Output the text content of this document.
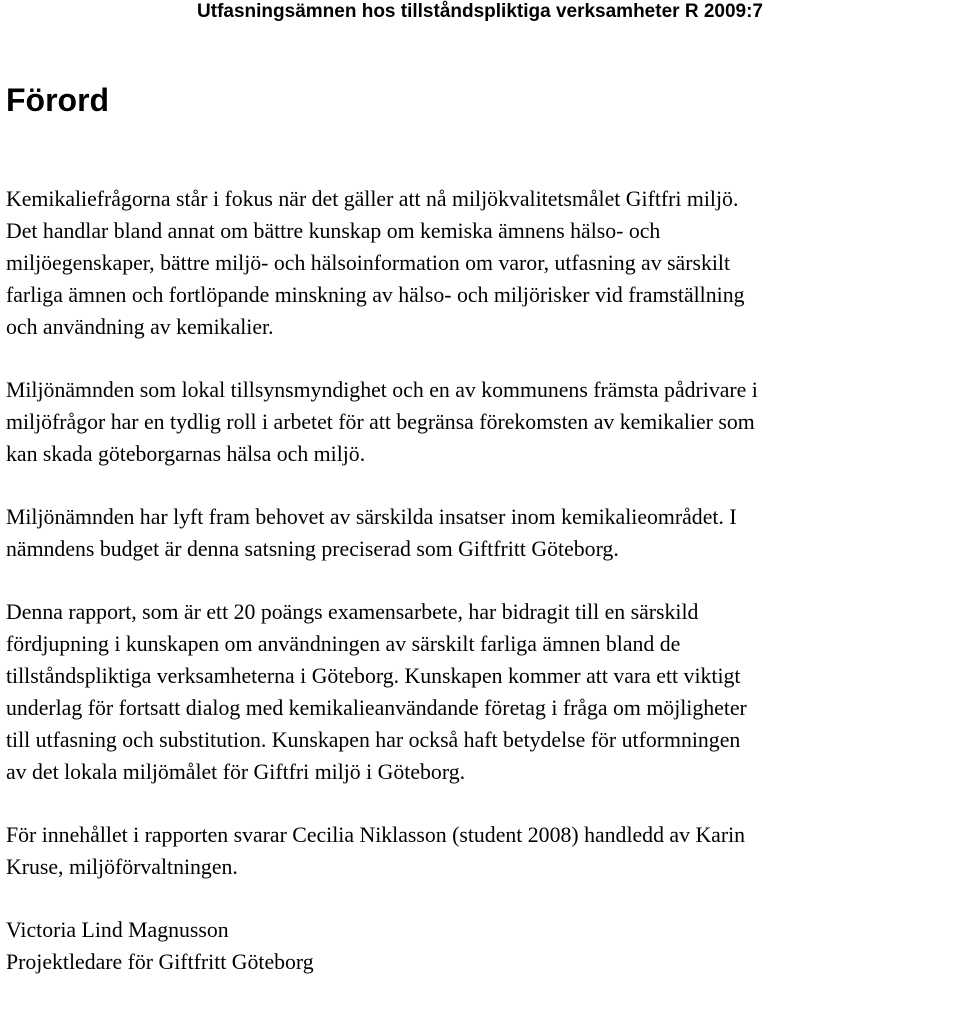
Utfasningsämnen hos tillståndspliktiga verksamheter R 2009:7
Förord

Kemikaliefrågorna står i fokus när det gäller att nå miljökvalitetsmålet Giftfri miljö.
Det handlar bland annat om bättre kunskap om kemiska ämnens hälso- och
miljöegenskaper, bättre miljö- och hälsoinformation om varor, utfasning av särskilt
farliga ämnen och fortlöpande minskning av hälso- och miljörisker vid framställning
och användning av kemikalier.

Miljönämnden som lokal tillsynsmyndighet och en av kommunens främsta pådrivare i
miljöfrågor har en tydlig roll i arbetet för att begränsa förekomsten av kemikalier som
kan skada göteborgarnas hälsa och miljö.

Miljönämnden har lyft fram behovet av särskilda insatser inom kemikalieområdet. I
nämndens budget är denna satsning preciserad som Giftfritt Göteborg.

Denna rapport, som är ett 20 poängs examensarbete, har bidragit till en särskild
fördjupning i kunskapen om användningen av särskilt farliga ämnen bland de
tillståndspliktiga verksamheterna i Göteborg. Kunskapen kommer att vara ett viktigt
underlag för fortsatt dialog med kemikalieanvändande företag i fråga om möjligheter
till utfasning och substitution. Kunskapen har också haft betydelse för utformningen
av det lokala miljömålet för Giftfri miljö i Göteborg.

För innehållet i rapporten svarar Cecilia Niklasson (student 2008) handledd av Karin
Kruse, miljöförvaltningen.

Victoria Lind Magnusson
Projektledare för Giftfritt Göteborg
